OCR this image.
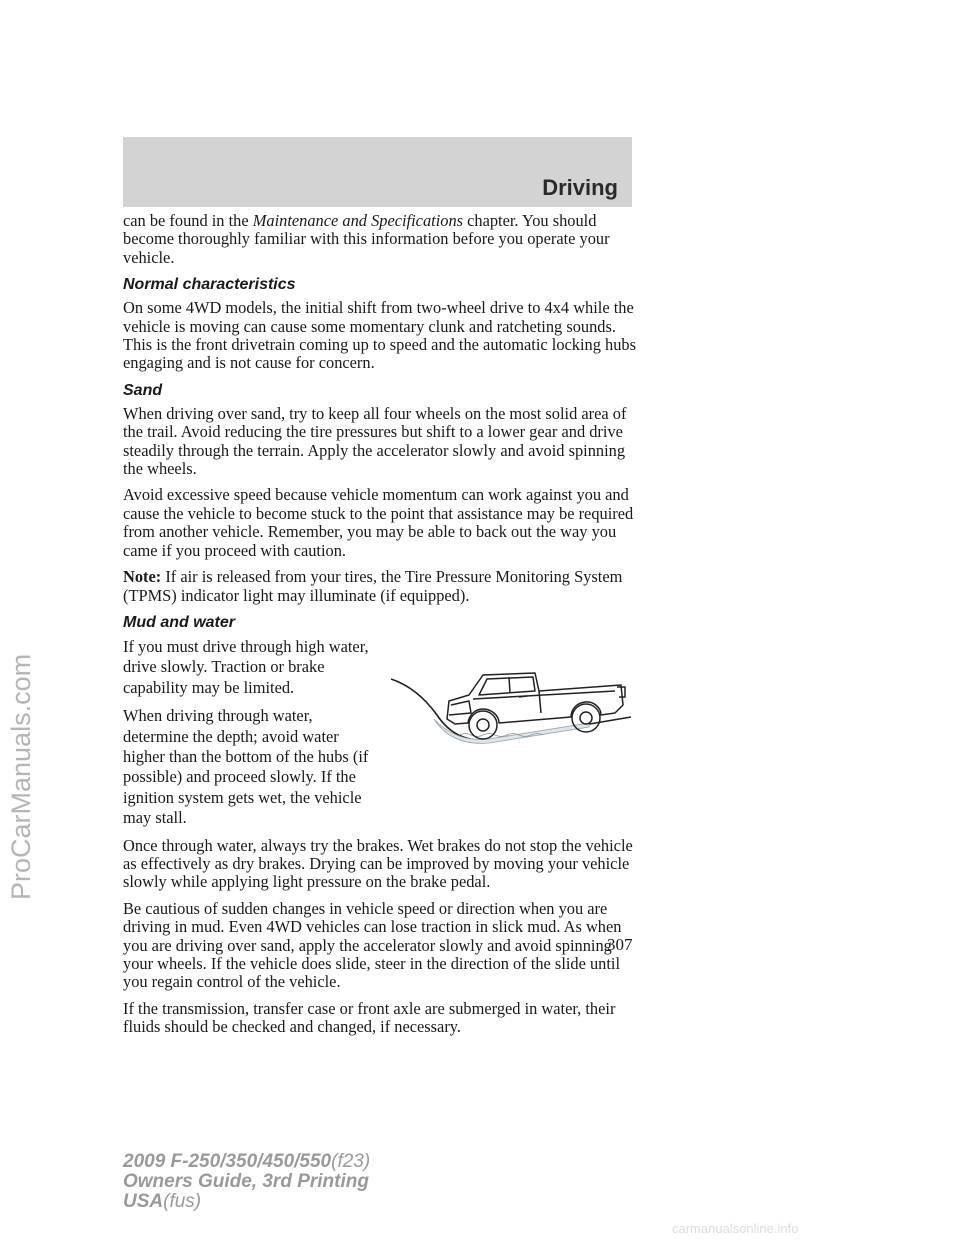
Driving

can be found in the Maintenance and Specifications chapter. You should become thoroughly familiar with this information before you operate your vehicle.

Normal characteristics

On some 4WD models, the initial shift from two-wheel drive to 4x4 while the vehicle is moving can cause some momentary clunk and ratcheting sounds. This is the front drivetrain coming up to speed and the automatic locking hubs engaging and is not cause for concern.

Sand

When driving over sand, try to keep all four wheels on the most solid area of the trail. Avoid reducing the tire pressures but shift to a lower gear and drive steadily through the terrain. Apply the accelerator slowly and avoid spinning the wheels.

Avoid excessive speed because vehicle momentum can work against you and cause the vehicle to become stuck to the point that assistance may be required from another vehicle. Remember, you may be able to back out the way you came if you proceed with caution.

Note: If air is released from your tires, the Tire Pressure Monitoring System (TPMS) indicator light may illuminate (if equipped).

Mud and water

If you must drive through high water, drive slowly. Traction or brake capability may be limited.

When driving through water, determine the depth; avoid water higher than the bottom of the hubs (if possible) and proceed slowly. If the ignition system gets wet, the vehicle may stall.

Once through water, always try the brakes. Wet brakes do not stop the vehicle as effectively as dry brakes. Drying can be improved by moving your vehicle slowly while applying light pressure on the brake pedal.

Be cautious of sudden changes in vehicle speed or direction when you are driving in mud. Even 4WD vehicles can lose traction in slick mud. As when you are driving over sand, apply the accelerator slowly and avoid spinning your wheels. If the vehicle does slide, steer in the direction of the slide until you regain control of the vehicle.

If the transmission, transfer case or front axle are submerged in water, their fluids should be checked and changed, if necessary.

307
2009 F-250/350/450/550(f23)
Owners Guide, 3rd Printing
USA(fus)
ProCarManuals.com
carmanualsonline.info
